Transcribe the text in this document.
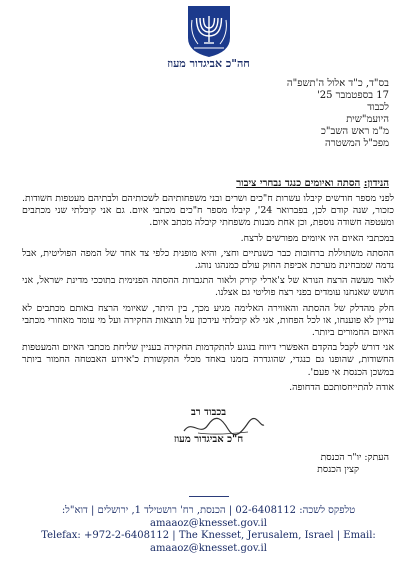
חה"כ אביגדור מעוז
בס"ד, כ"ד אלול ה'תשפ"ה
17 בספטמבר 25'
לכבוד
היועמ"שית
מ"מ ראש השב"כ
מפכ"ל המשטרה
הנידון: הסתה ואיומים כנגד נבחרי ציבור

לפני מספר חודשים קיבלו עשרות ח"כים ושרים ובני משפחותיהם לשכותיהם ולבתיהם מעטפות חשודות. כזכור, שנה קודם לכן, בפברואר 24', קיבלו מספר ח"כים מכתבי איום. גם אני קיבלתי שני מכתבים ומעטפה חשודה נוספת, וכן אחת מבנות משפחתי קיבלה מכתב איום.

במכתבי האיום היו איומים מפורשים לרצח.

ההסתה משתוללת ברחובות כבר כשנתיים וחצי, והיא מופנית כלפי צד אחד של המפה הפוליטית, אבל נדמה שמבחינת מערכת אכיפת החוק עולם כמנהגו נוהג.

לאור מעשה הרצח הנורא של צ'ארלי קירק ולאור התגברות ההסתה הפנימית בתוככי מדינת ישראל, אני חושש שאנחנו עומדים בפני רצח פוליטי גם אצלנו.

חלק מהדלק של ההסתה והאווירה האלימה מגיע מכך, בין היתר, שאיומי הרצח באותם מכתבים לא עדיין לא פוענחו, או לכל הפחות, אני לא קיבלתי עידכון על תוצאות החקירה ועל מי עומד מאחורי מכתבי האיום החמורים ביותר.

אני דורש לקבל בהקדם האפשרי דיווח בנוגע להתקדמות החקירה בעניין שליחת מכתבי האיום והמעטפות החשודות, שהופנו גם כנגדי, שהוגדרה בזמנו באחד מכלי התקשורת כ'אירוע האבטחה החמור ביותר במשכן הכנסת אי פעם'.

אודה להתייחסותכם הדחופה.

בכבוד רב
ח"כ אביגדור מעוז
העתק: יו"ר הכנסת
קצין הכנסת
טלפקס לשכה: 02-6408112 | הכנסת, רח' רושטילד 1, ירושלים | דוא"ל:
amaaoz@knesset.gov.il
Telefax: +972-2-6408112 | The Knesset, Jerusalem, Israel | Email:
amaaoz@knesset.gov.il
